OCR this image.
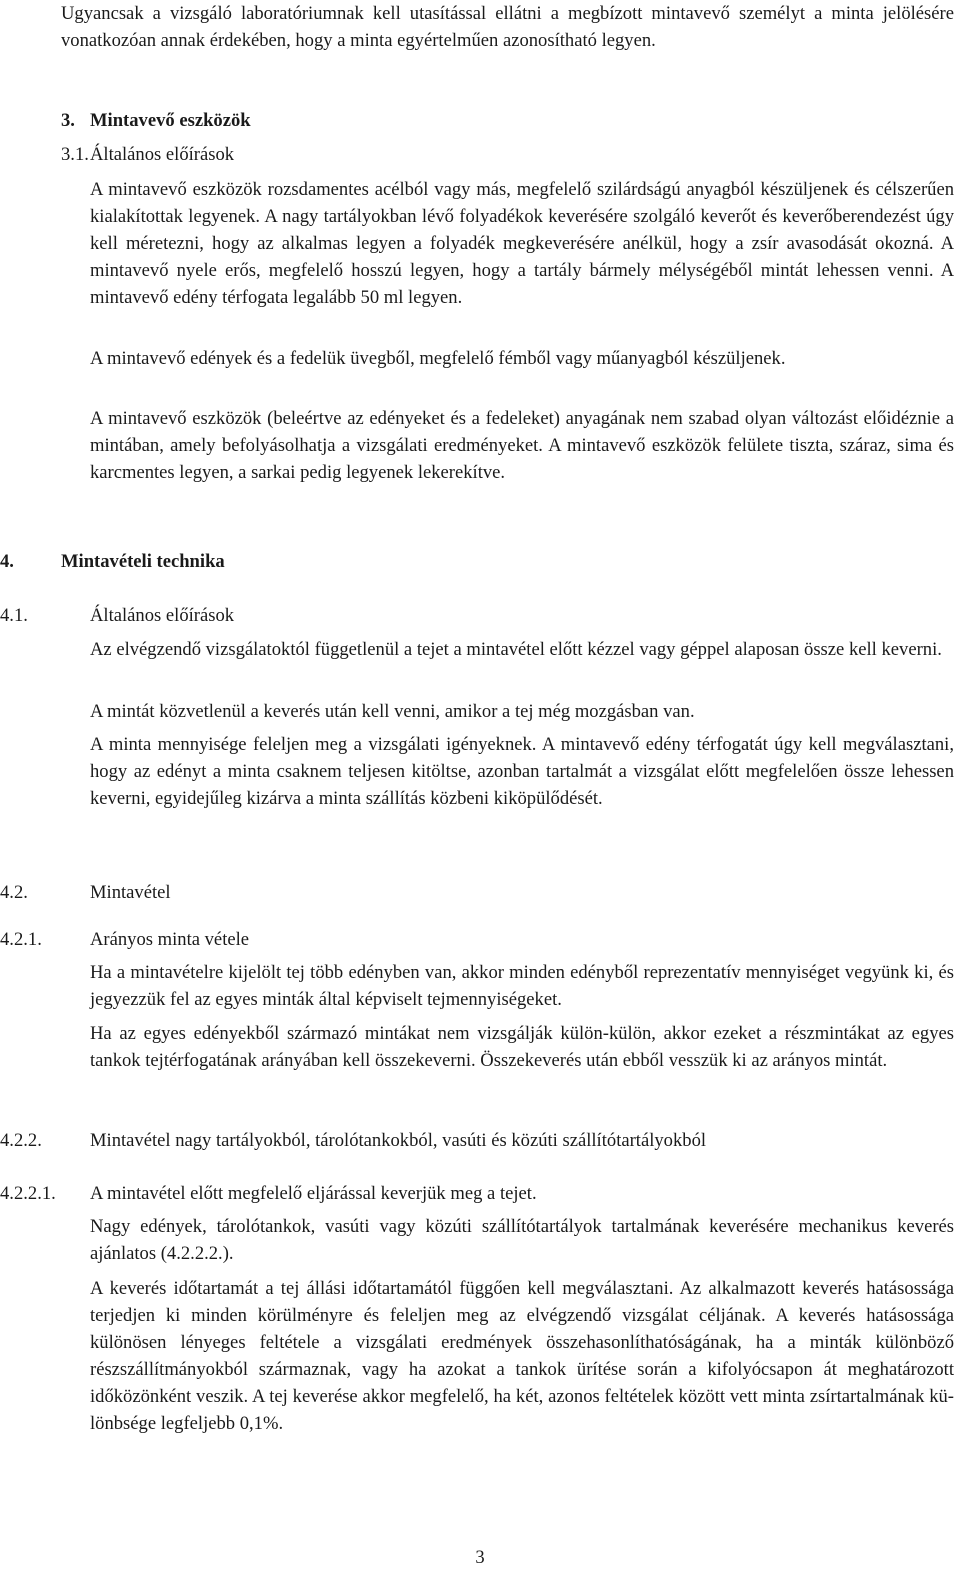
Ugyancsak a vizsgáló laboratóriumnak kell utasítással ellátni a megbízott mintavevő személyt a minta jelölésére vonatkozóan annak érdekében, hogy a minta egyértelműen azonosítható legyen.
3. Mintavevő eszközök
3.1. Általános előírások
A mintavevő eszközök rozsdamentes acélból vagy más, megfelelő szilárdságú anyagból készüljenek és célszerűen kialakítottak legyenek. A nagy tartályokban lévő folyadékok keverésére szolgáló keverőt és keverőberendezést úgy kell méretezni, hogy az alkalmas legyen a folyadék megkeverésére anélkül, hogy a zsír avasodását okozná. A mintavevő nyele erős, megfelelő hosszú legyen, hogy a tartály bármely mélységéből mintát lehessen venni. A mintavevő edény térfogata legalább 50 ml legyen.
A mintavevő edények és a fedelük üvegből, megfelelő fémből vagy műanyagból készüljenek.
A mintavevő eszközök (beleértve az edényeket és a fedeleket) anyagának nem szabad olyan változást előidéznie a mintában, amely befolyásolhatja a vizsgálati eredményeket. A mintavevő eszközök felülete tiszta, száraz, sima és karcmentes legyen, a sarkai pedig legyenek lekerekítve.
4.	Mintavételi technika
4.1.	Általános előírások
Az elvégzendő vizsgálatoktól függetlenül a tejet a mintavétel előtt kézzel vagy géppel alaposan össze kell keverni.
A mintát közvetlenül a keverés után kell venni, amikor a tej még mozgásban van.
A minta mennyisége feleljen meg a vizsgálati igényeknek. A mintavevő edény térfogatát úgy kell megválasztani, hogy az edényt a minta csaknem teljesen kitöltse, azonban tartalmát a vizsgálat előtt megfelelően össze lehessen keverni, egyidejűleg kizárva a minta szállítás közbeni kiköpülődését.
4.2.	Mintavétel
4.2.1.	Arányos minta vétele
Ha a mintavételre kijelölt tej több edényben van, akkor minden edényből reprezentatív mennyiséget vegyünk ki, és jegyezzük fel az egyes minták által képviselt tejmennyiségeket.
Ha az egyes edényekből származó mintákat nem vizsgálják külön-külön, akkor ezeket a részmintákat az egyes tankok tejtérfogatának arányában kell összekeverni. Összekeverés után ebből vesszük ki az arányos mintát.
4.2.2.	Mintavétel nagy tartályokból, tárolótankokból, vasúti és közúti szállítótartályokból
4.2.2.1. A mintavétel előtt megfelelő eljárással keverjük meg a tejet.
Nagy edények, tárolótankok, vasúti vagy közúti szállítótartályok tartalmának keverésére mechanikus keverés ajánlatos (4.2.2.2.).
A keverés időtartamát a tej állási időtartamától függően kell megválasztani. Az alkalmazott keverés hatásossága terjedjen ki minden körülményre és feleljen meg az elvégzendő vizsgálat céljának. A keverés hatásossága különösen lényeges feltétele a vizsgálati eredmények összehasonlíthatóságának, ha a minták különböző részszállítmányokból származnak, vagy ha azokat a tankok ürítése során a kifolyócsapon át meghatározott időközönként veszik. A tej keverése akkor megfelelő, ha két, azonos feltételek között vett minta zsírtartalmának különbsége legfeljebb 0,1%.
3
